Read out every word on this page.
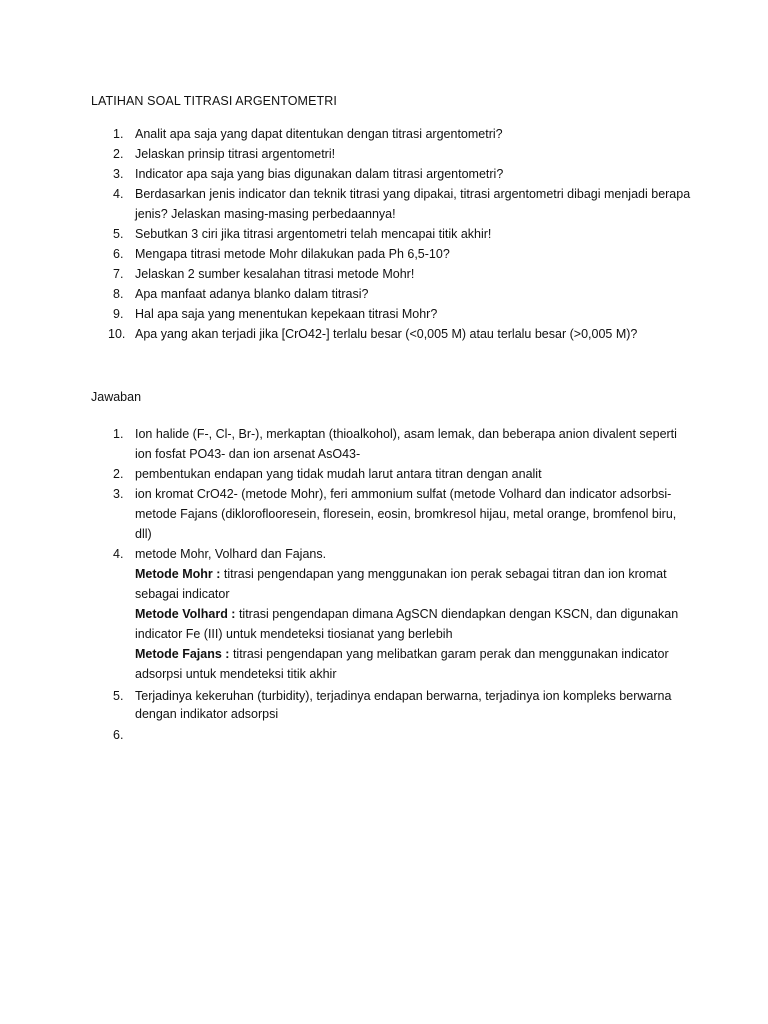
LATIHAN SOAL TITRASI ARGENTOMETRI
1. Analit apa saja yang dapat ditentukan dengan titrasi argentometri?
2. Jelaskan prinsip titrasi argentometri!
3. Indicator apa saja yang bias digunakan dalam titrasi argentometri?
4. Berdasarkan jenis indicator dan teknik titrasi yang dipakai, titrasi argentometri dibagi menjadi berapa jenis? Jelaskan masing-masing perbedaannya!
5. Sebutkan 3 ciri jika titrasi argentometri telah mencapai titik akhir!
6. Mengapa titrasi metode Mohr dilakukan pada Ph 6,5-10?
7. Jelaskan 2 sumber kesalahan titrasi metode Mohr!
8. Apa manfaat adanya blanko dalam titrasi?
9. Hal apa saja yang menentukan kepekaan titrasi Mohr?
10. Apa yang akan terjadi jika [CrO42-] terlalu besar (<0,005 M) atau terlalu besar (>0,005 M)?
Jawaban
1. Ion halide (F-, Cl-, Br-), merkaptan (thioalkohol), asam lemak, dan beberapa anion divalent seperti ion fosfat PO43- dan ion arsenat AsO43-
2. pembentukan endapan yang tidak mudah larut antara titran dengan analit
3. ion kromat CrO42- (metode Mohr), feri ammonium sulfat (metode Volhard dan indicator adsorbsi-metode Fajans (dikloroflooresein, floresein, eosin, bromkresol hijau, metal orange, bromfenol biru, dll)
4. metode Mohr, Volhard dan Fajans.
Metode Mohr : titrasi pengendapan yang menggunakan ion perak sebagai titran dan ion kromat sebagai indicator
Metode Volhard : titrasi pengendapan dimana AgSCN diendapkan dengan KSCN, dan digunakan indicator Fe (III) untuk mendeteksi tiosianat yang berlebih
Metode Fajans : titrasi pengendapan yang melibatkan garam perak dan menggunakan indicator adsorpsi untuk mendeteksi titik akhir
5. Terjadinya kekeruhan (turbidity), terjadinya endapan berwarna, terjadinya ion kompleks berwarna dengan indikator adsorpsi
6.
